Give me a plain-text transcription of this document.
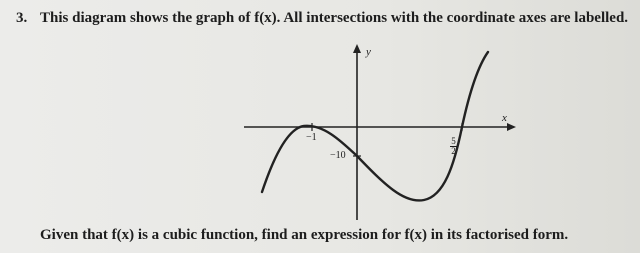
3. This diagram shows the graph of f(x). All intersections with the coordinate axes are labelled.
y
x
−1
−10
5
2
Given that f(x) is a cubic function, find an expression for f(x) in its factorised form.
